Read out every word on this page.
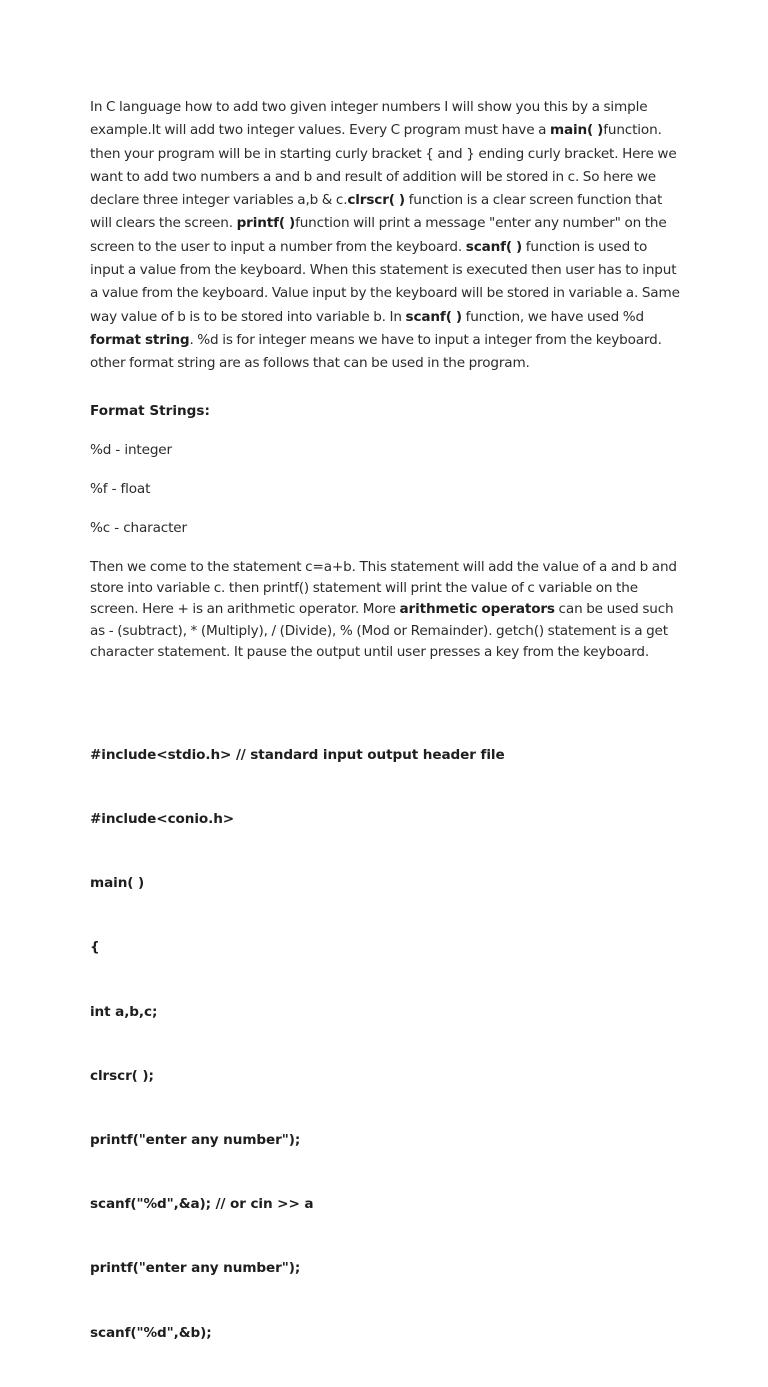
In C language how to add two given integer numbers I will show you this by a simple example.It will add two integer values. Every C program must have a main( )function. then your program will be in starting curly bracket { and } ending curly bracket. Here we want to add two numbers a and b and result of addition will be stored in c. So here we declare three integer variables a,b & c.clrscr( ) function is a clear screen function that will clears the screen. printf( )function will print a message "enter any number" on the screen to the user to input a number from the keyboard. scanf( ) function is used to input a value from the keyboard. When this statement is executed then user has to input a value from the keyboard. Value input by the keyboard will be stored in variable a. Same way value of b is to be stored into variable b. In scanf( ) function, we have used %d format string. %d is for integer means we have to input a integer from the keyboard. other format string are as follows that can be used in the program.
Format Strings:
%d - integer
%f - float
%c - character
Then we come to the statement c=a+b. This statement will add the value of a and b and store into variable c. then printf() statement will print the value of c variable on the screen. Here + is an arithmetic operator. More arithmetic operators can be used such as - (subtract), * (Multiply), / (Divide), % (Mod or Remainder). getch() statement is a get character statement. It pause the output until user presses a key from the keyboard.

#include<stdio.h> // standard input output header file

#include<conio.h>

main( )

{

int a,b,c;

clrscr( );

printf("enter any number");

scanf("%d",&a); // or cin >> a

printf("enter any number");

scanf("%d",&b);
